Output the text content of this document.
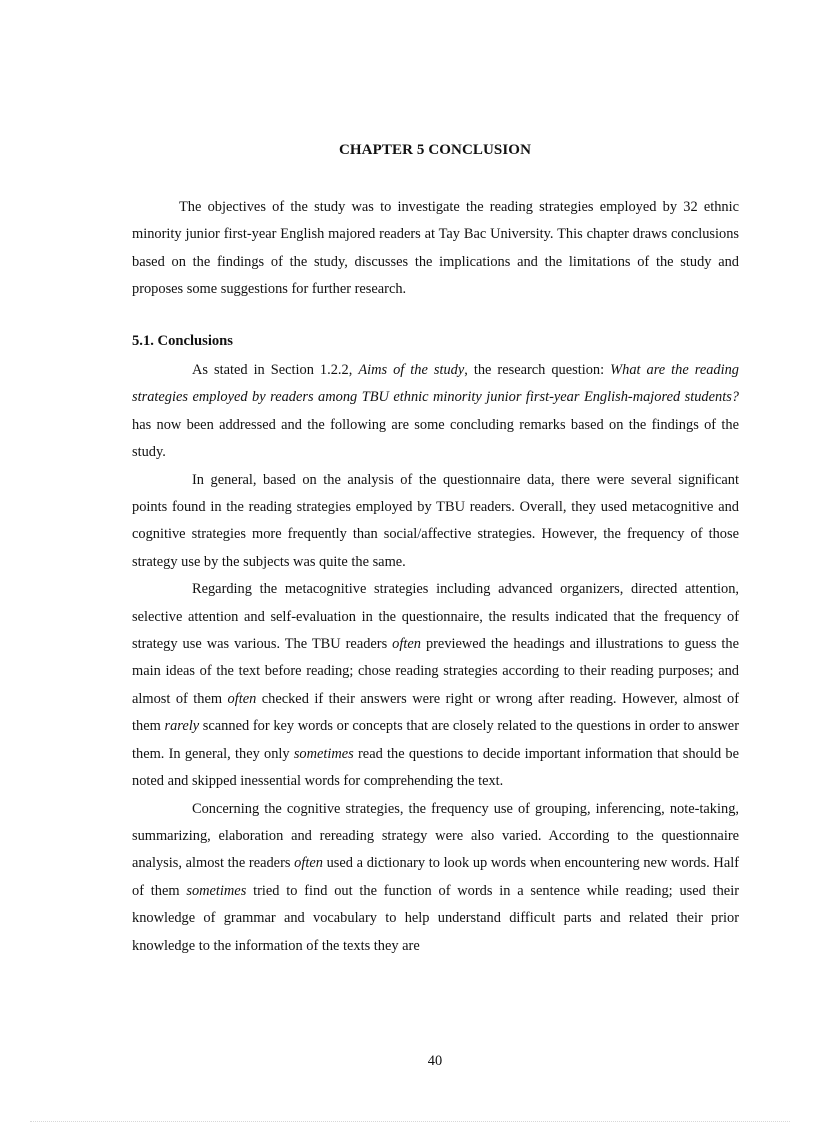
CHAPTER 5 CONCLUSION

The objectives of the study was to investigate the reading strategies employed by 32 ethnic minority junior first-year English majored readers at Tay Bac University. This chapter draws conclusions based on the findings of the study, discusses the implications and the limitations of the study and proposes some suggestions for further research.

5.1. Conclusions

As stated in Section 1.2.2, Aims of the study, the research question: What are the reading strategies employed by readers among TBU ethnic minority junior first-year English-majored students? has now been addressed and the following are some concluding remarks based on the findings of the study.

In general, based on the analysis of the questionnaire data, there were several significant points found in the reading strategies employed by TBU readers. Overall, they used metacognitive and cognitive strategies more frequently than social/affective strategies. However, the frequency of those strategy use by the subjects was quite the same.

Regarding the metacognitive strategies including advanced organizers, directed attention, selective attention and self-evaluation in the questionnaire, the results indicated that the frequency of strategy use was various. The TBU readers often previewed the headings and illustrations to guess the main ideas of the text before reading; chose reading strategies according to their reading purposes; and almost of them often checked if their answers were right or wrong after reading. However, almost of them rarely scanned for key words or concepts that are closely related to the questions in order to answer them. In general, they only sometimes read the questions to decide important information that should be noted and skipped inessential words for comprehending the text.

Concerning the cognitive strategies, the frequency use of grouping, inferencing, note-taking, summarizing, elaboration and rereading strategy were also varied. According to the questionnaire analysis, almost the readers often used a dictionary to look up words when encountering new words. Half of them sometimes tried to find out the function of words in a sentence while reading; used their knowledge of grammar and vocabulary to help understand difficult parts and related their prior knowledge to the information of the texts they are

40
